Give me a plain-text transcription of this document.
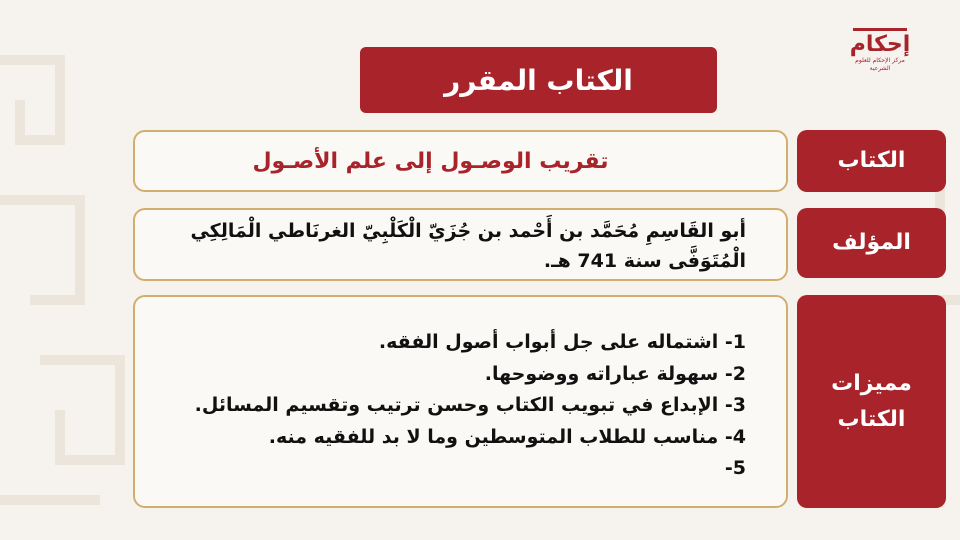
إحكام
مركز الإحكام للعلوم الشرعية
الكتاب المقرر
الكتاب
تقريب الوصـول إلى علم الأصـول
المؤلف
أبو القَاسِمِ مُحَمَّد بن أَحْمد بن جُزَيّ الْكَلْبِيّ الغرنَاطي الْمَالِكِي الْمُتَوَفَّى سنة 741 هـ.
مميزات
الكتاب
1- اشتماله على جل أبواب أصول الفقه.
2- سهولة عباراته ووضوحها.
3- الإبداع في تبويب الكتاب وحسن ترتيب وتقسيم المسائل.
4- مناسب للطلاب المتوسطين وما لا بد للفقيه منه.
5-
